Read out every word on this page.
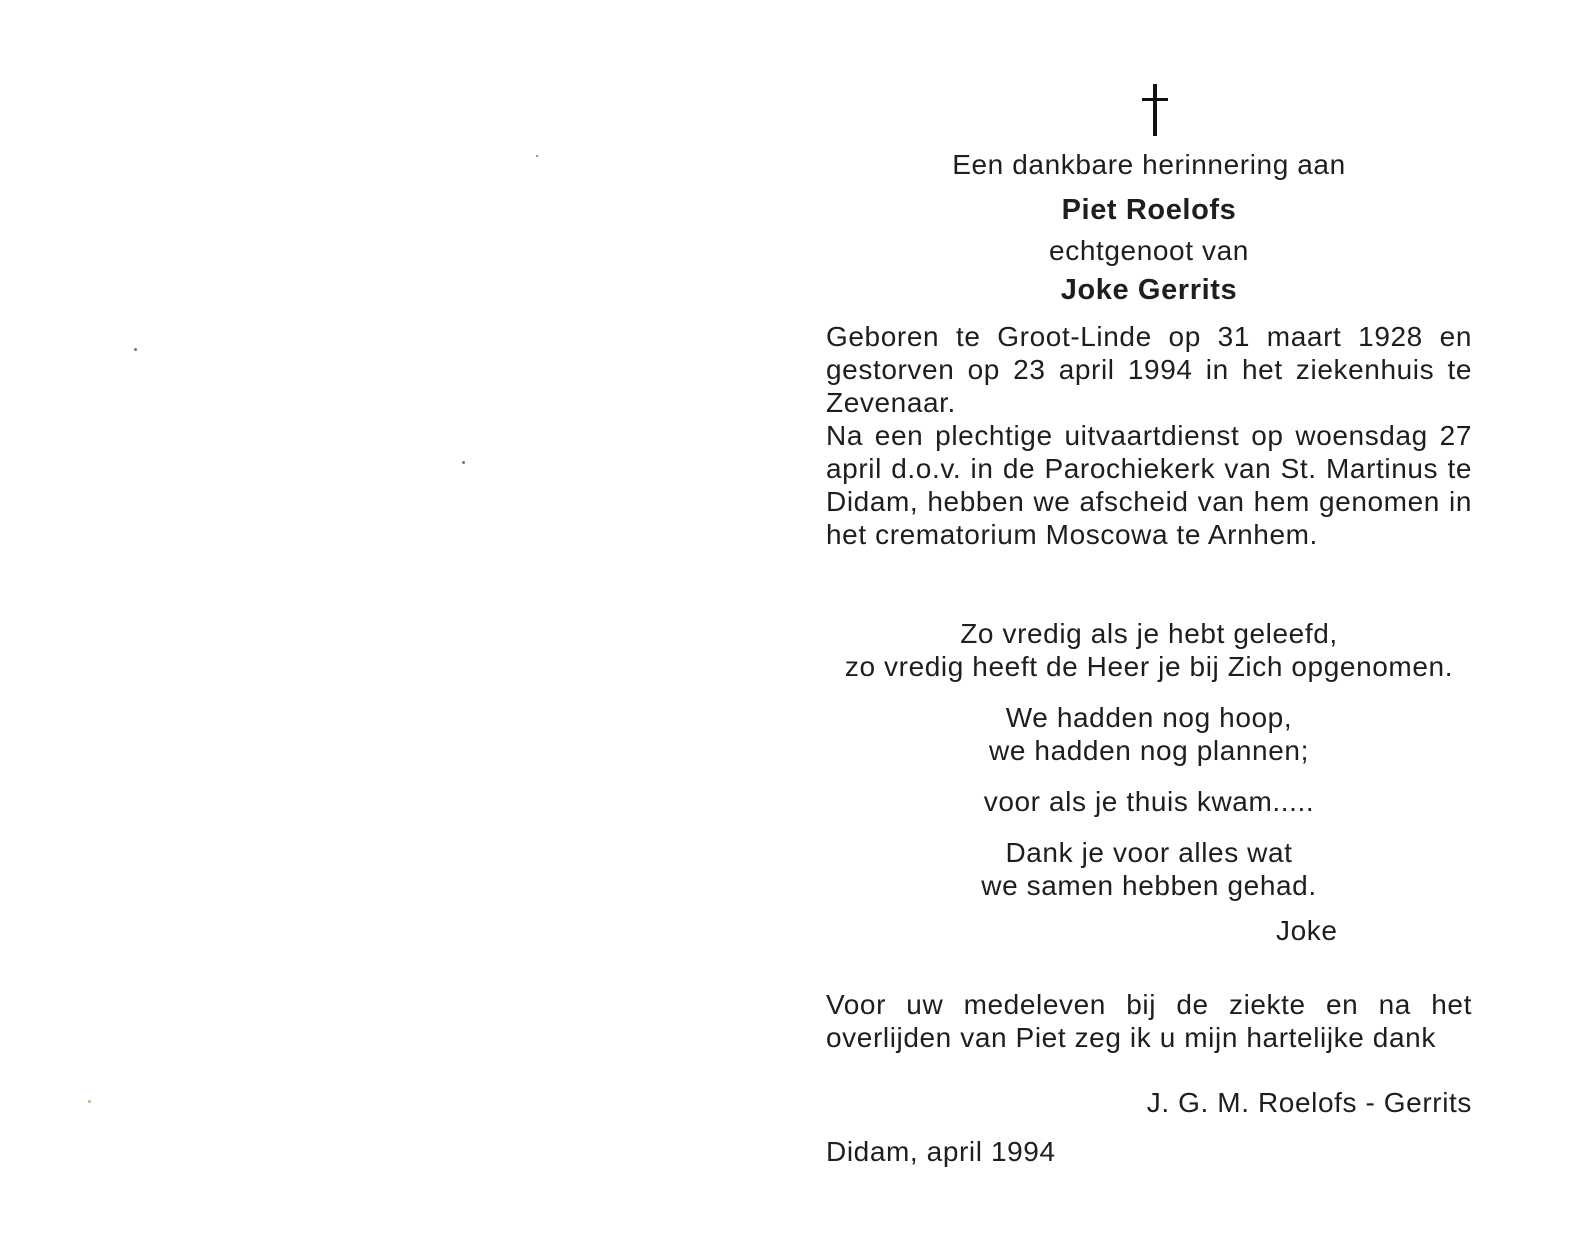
Een dankbare herinnering aan
Piet Roelofs
echtgenoot van
Joke Gerrits

Geboren te Groot-Linde op 31 maart 1928 en gestorven op 23 april 1994 in het ziekenhuis te Zevenaar.

Na een plechtige uitvaartdienst op woensdag 27 april d.o.v. in de Parochiekerk van St. Martinus te Didam, hebben we afscheid van hem genomen in het crematorium Moscowa te Arnhem.

Zo vredig als je hebt geleefd,
zo vredig heeft de Heer je bij Zich opgenomen.
We hadden nog hoop,
we hadden nog plannen;
voor als je thuis kwam.....
Dank je voor alles wat
we samen hebben gehad.
Joke
Voor uw medeleven bij de ziekte en na het overlijden van Piet zeg ik u mijn hartelijke dank
J. G. M. Roelofs - Gerrits
Didam, april 1994
